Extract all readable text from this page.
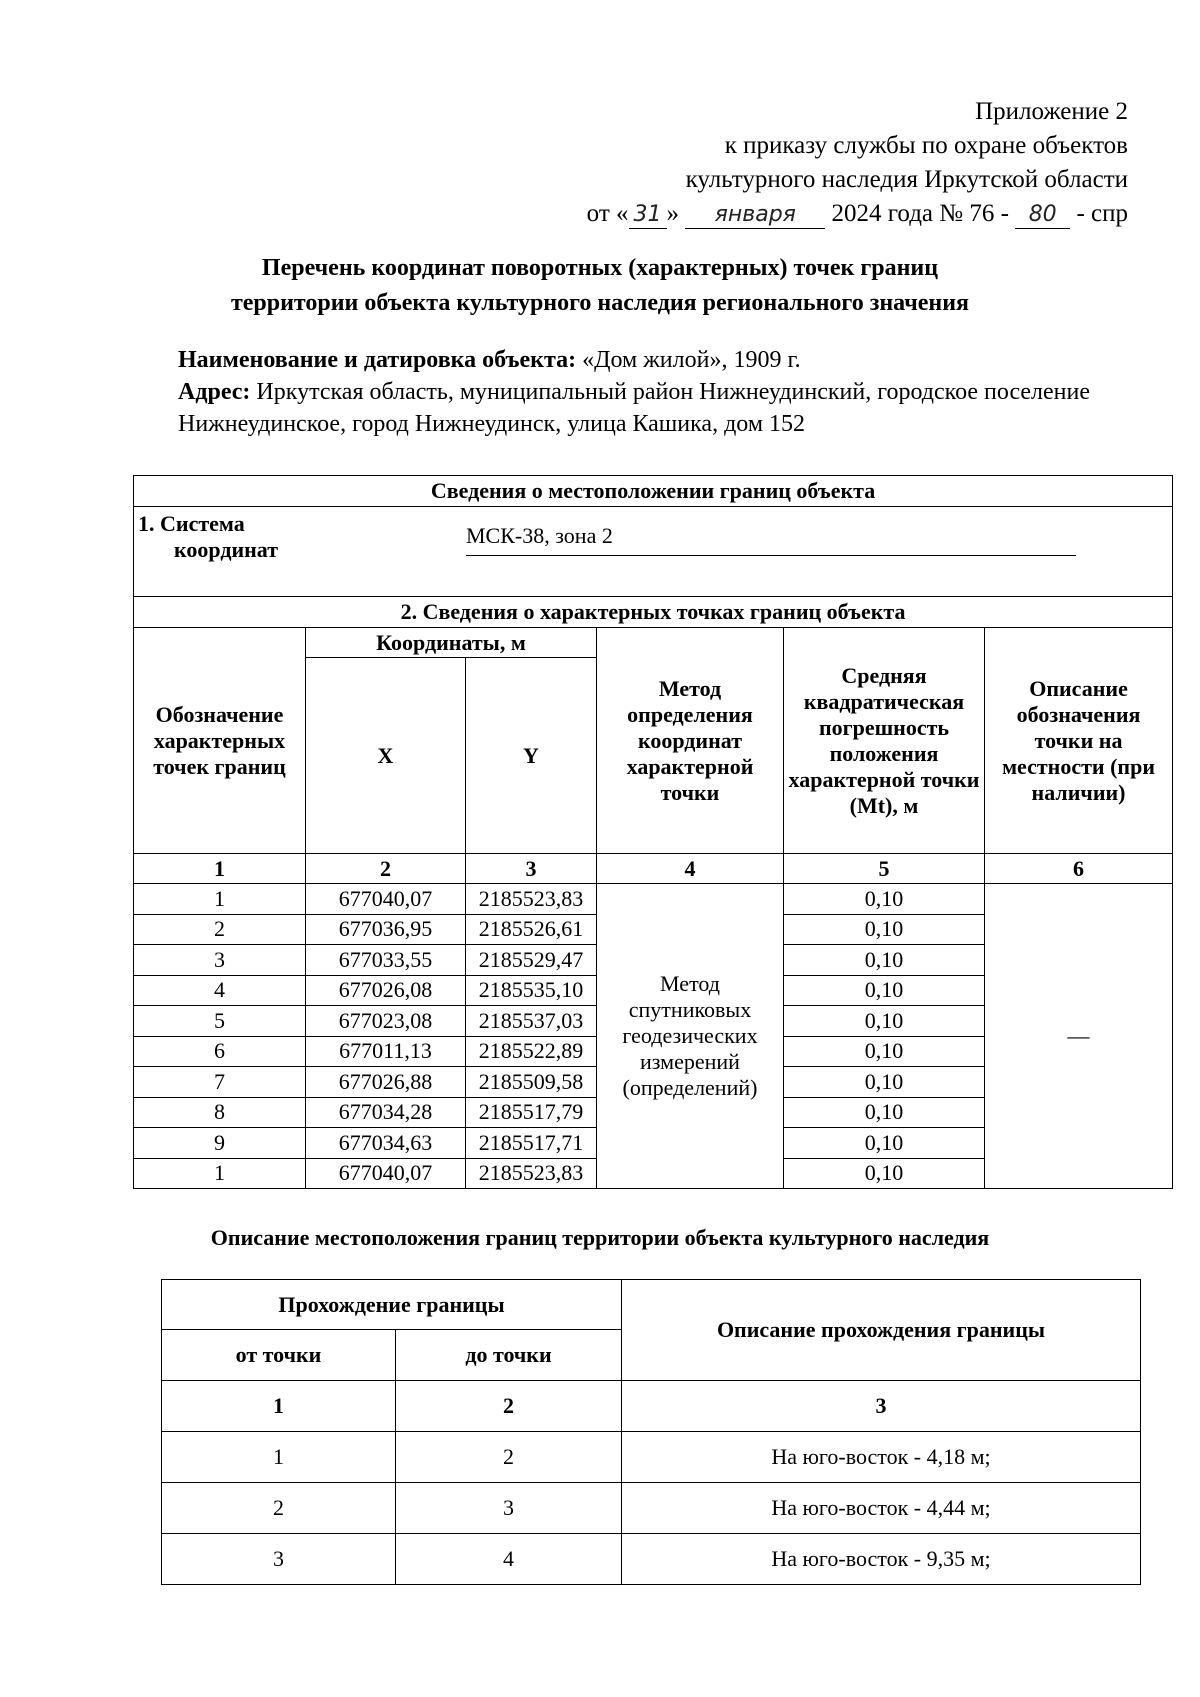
Приложение 2
к приказу службы по охране объектов
культурного наследия Иркутской области
от « 31 » января 2024 года № 76 - 80 - спр
Перечень координат поворотных (характерных) точек границ
территории объекта культурного наследия регионального значения
Наименование и датировка объекта: «Дом жилой», 1909 г.
Адрес: Иркутская область, муниципальный район Нижнеудинский, городское поселение Нижнеудинское, город Нижнеудинск, улица Кашика, дом 152
Сведения о местоположении границ объекта					

1. Система координат
МСК-38, зона 2					

2. Сведения о характерных точках границ объекта					
Обозначение характерных точек границ	Координаты, м		Метод определения координат характерной точки	Средняя квадратическая погрешность положения характерной точки (Mt), м	Описание обозначения точки на местности (при наличии)
	X	Y			
1	2	3	4	5	6
1	677040,07	2185523,83	Метод спутниковых геодезических измерений (определений)	0,10	—
2	677036,95	2185526,61		0,10	
3	677033,55	2185529,47		0,10	
4	677026,08	2185535,10		0,10	
5	677023,08	2185537,03		0,10	
6	677011,13	2185522,89		0,10	
7	677026,88	2185509,58		0,10	
8	677034,28	2185517,79		0,10	
9	677034,63	2185517,71		0,10	
1	677040,07	2185523,83		0,10	
Описание местоположения границ территории объекта культурного наследия
Прохождение границы		Описание прохождения границы
от точки	до точки	
1	2	3
1	2	На юго-восток - 4,18 м;
2	3	На юго-восток - 4,44 м;
3	4	На юго-восток - 9,35 м;
